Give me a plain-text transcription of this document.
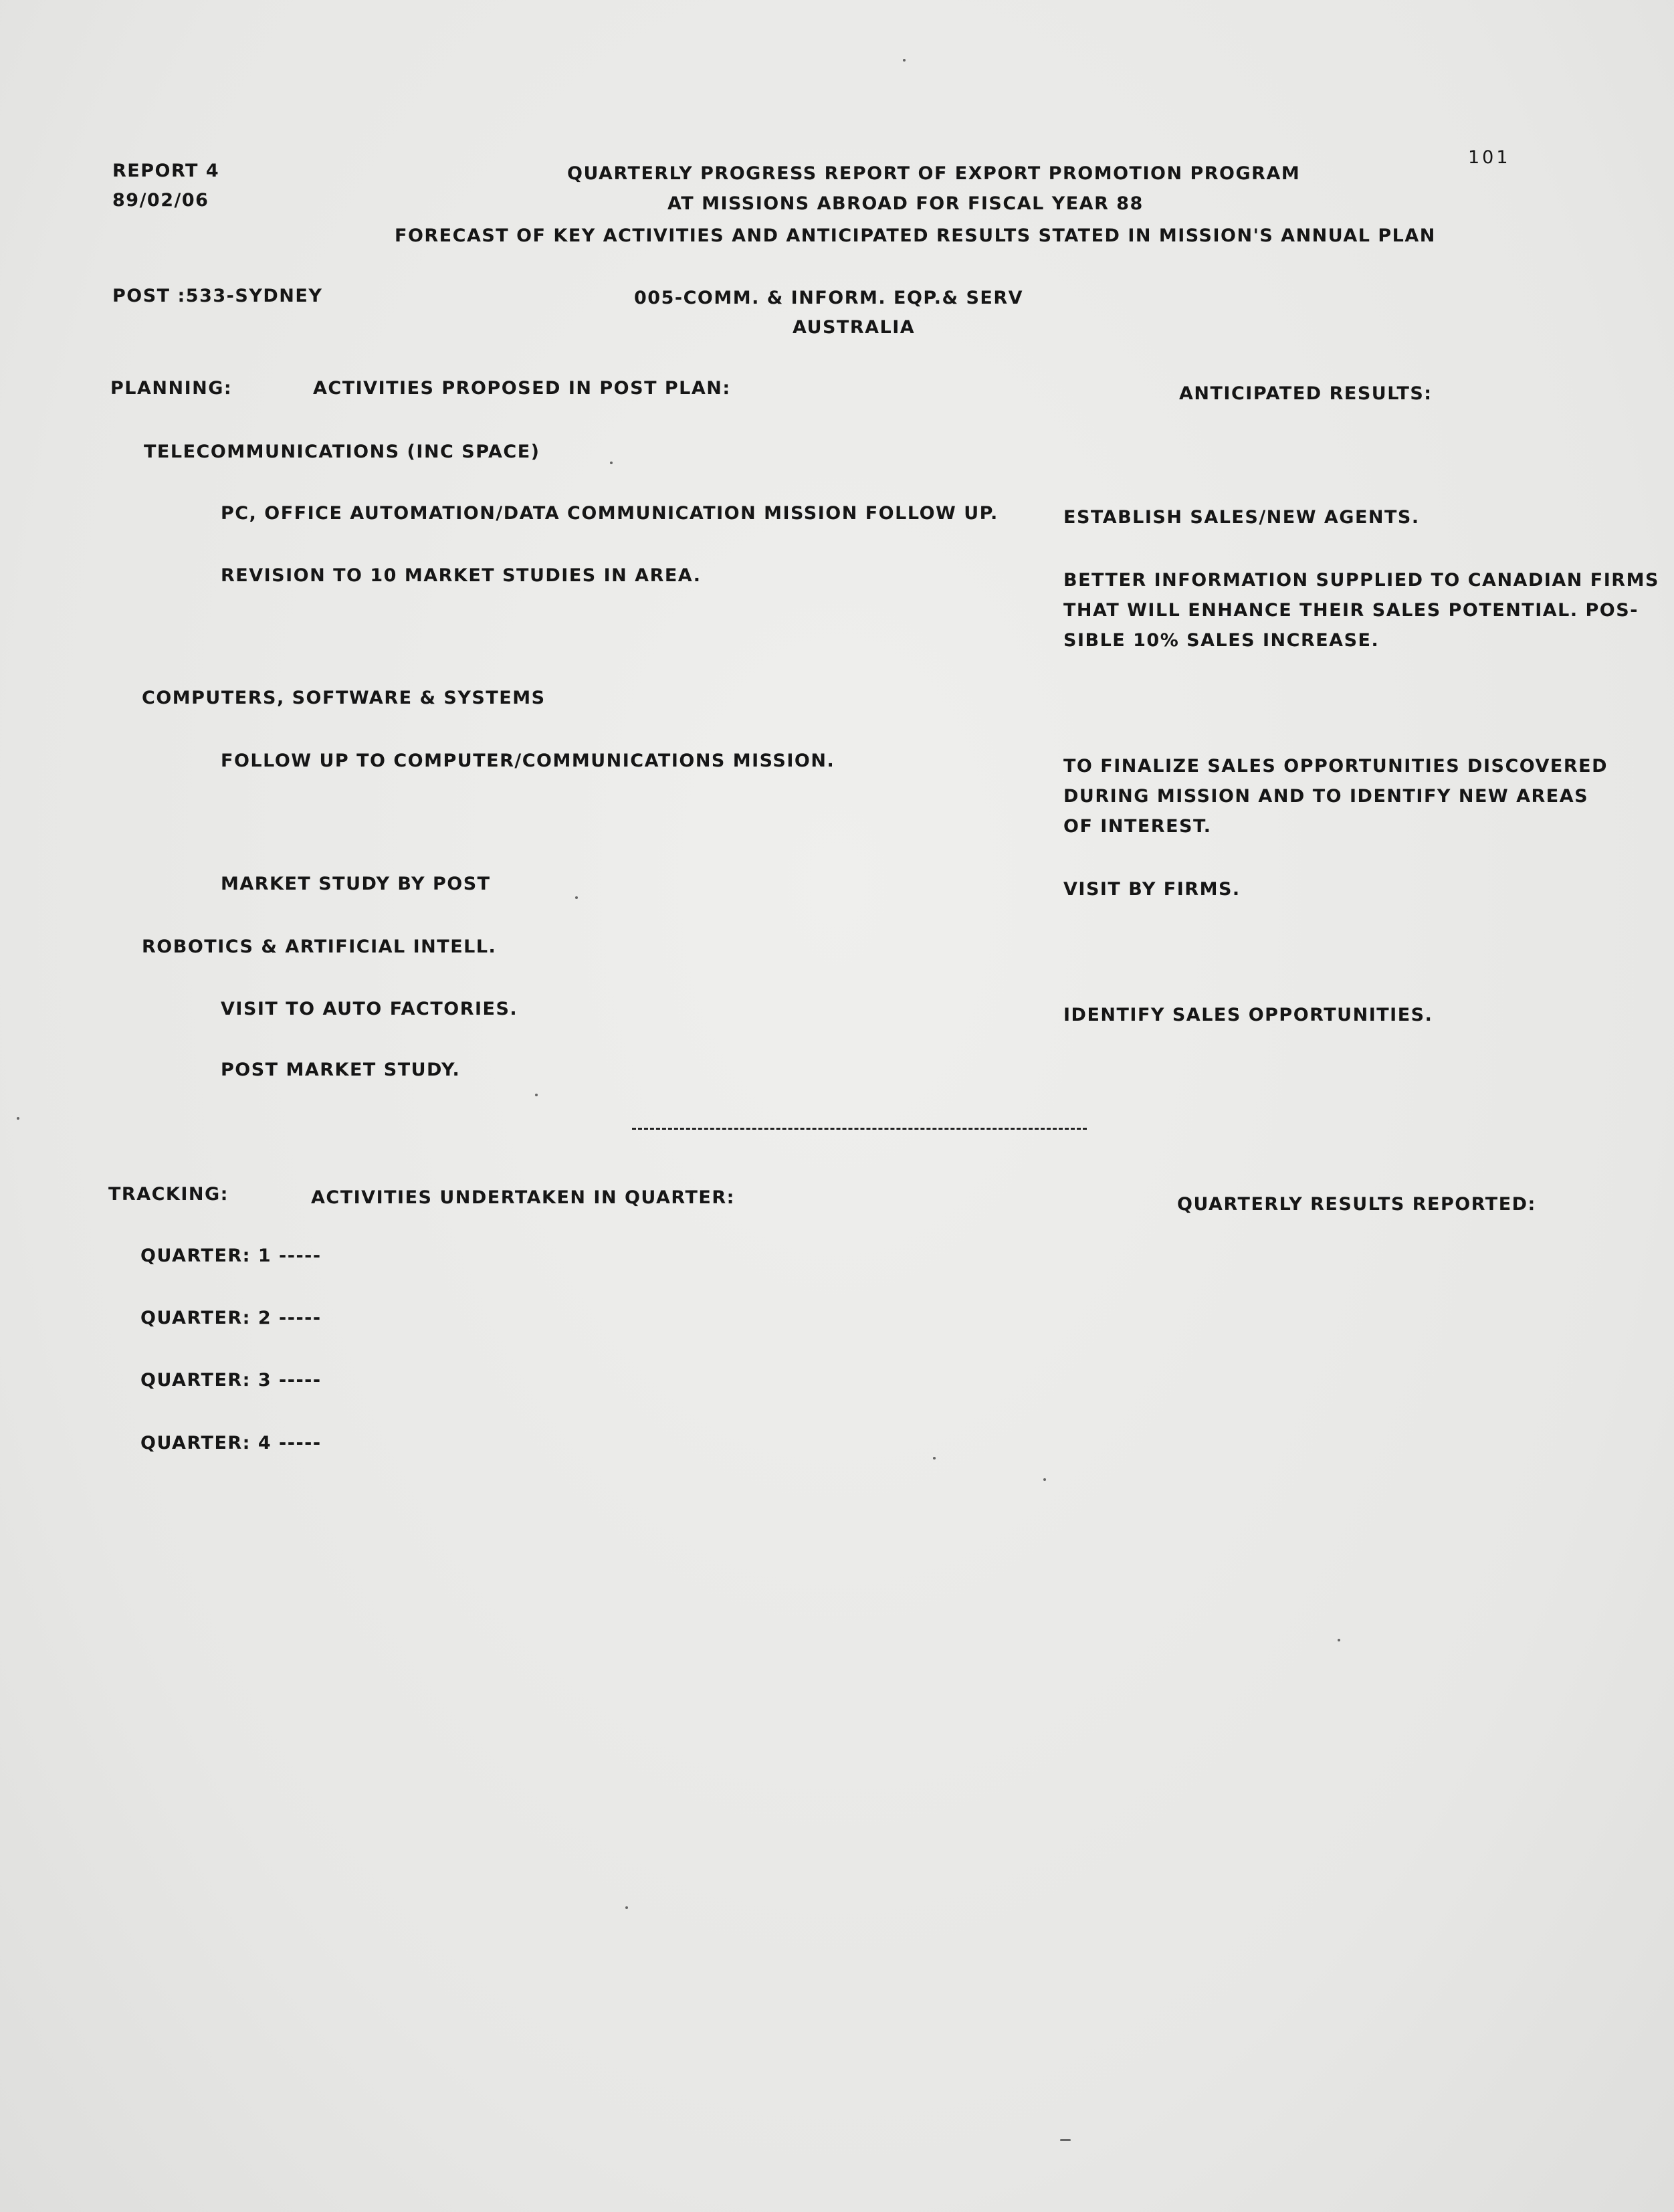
REPORT 4
89/02/06
101
QUARTERLY PROGRESS REPORT OF EXPORT PROMOTION PROGRAM
AT MISSIONS ABROAD FOR FISCAL YEAR 88
FORECAST OF KEY ACTIVITIES AND ANTICIPATED RESULTS STATED IN MISSION'S ANNUAL PLAN
POST :533-SYDNEY	005-COMM. & INFORM. EQP.& SERV
AUSTRALIA
PLANNING:	ACTIVITIES PROPOSED IN POST PLAN:	ANTICIPATED RESULTS:
TELECOMMUNICATIONS (INC SPACE)
PC, OFFICE AUTOMATION/DATA COMMUNICATION MISSION FOLLOW UP.	ESTABLISH SALES/NEW AGENTS.
REVISION TO 10 MARKET STUDIES IN AREA.	BETTER INFORMATION SUPPLIED TO CANADIAN FIRMS
THAT WILL ENHANCE THEIR SALES POTENTIAL. POS-
SIBLE 10% SALES INCREASE.
COMPUTERS, SOFTWARE & SYSTEMS
FOLLOW UP TO COMPUTER/COMMUNICATIONS MISSION.	TO FINALIZE SALES OPPORTUNITIES DISCOVERED
DURING MISSION AND TO IDENTIFY NEW AREAS
OF INTEREST.
MARKET STUDY BY POST	VISIT BY FIRMS.
ROBOTICS & ARTIFICIAL INTELL.
VISIT TO AUTO FACTORIES.	IDENTIFY SALES OPPORTUNITIES.
POST MARKET STUDY.
TRACKING:	ACTIVITIES UNDERTAKEN IN QUARTER:	QUARTERLY RESULTS REPORTED:
QUARTER: 1 -----
QUARTER: 2 -----
QUARTER: 3 -----
QUARTER: 4 -----
